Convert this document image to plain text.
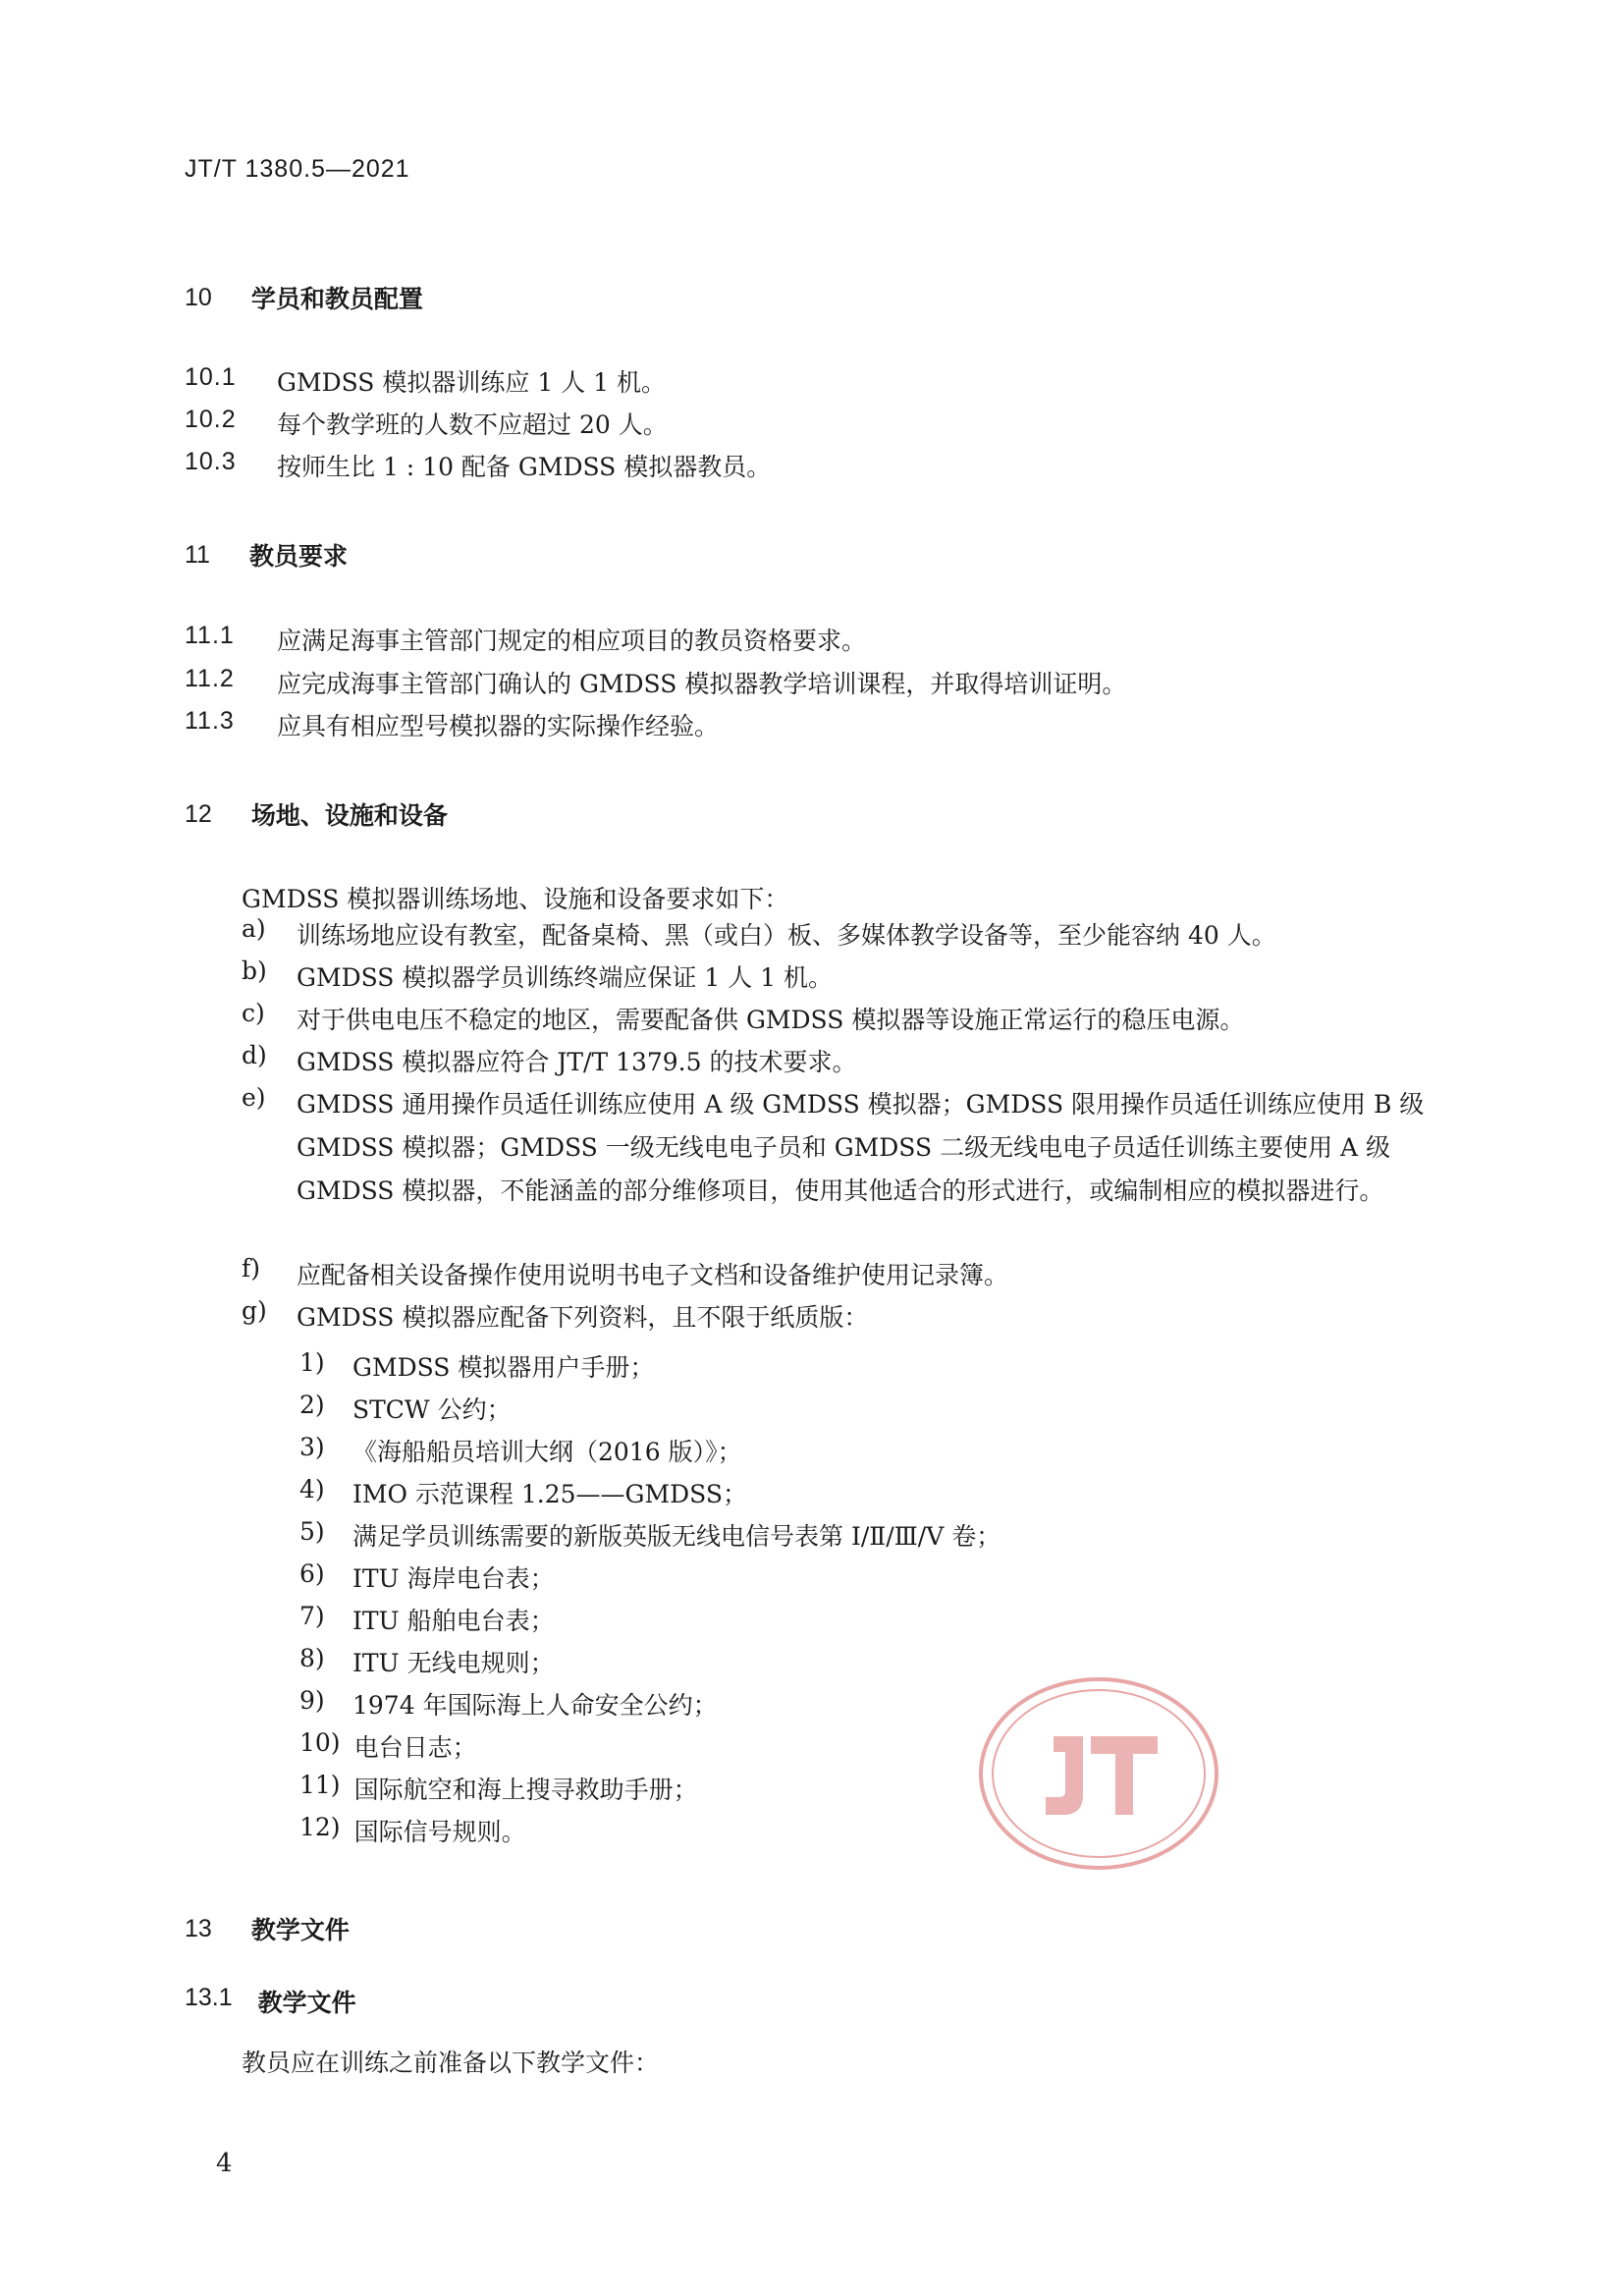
JT/T 1380.5—2021
10 学员和教员配置
10.1	GMDSS 模拟器训练应 1 人 1 机。
10.2	每个教学班的人数不应超过 20 人。
10.3	按师生比 1 : 10 配备 GMDSS 模拟器教员。
11 教员要求
11.1	应满足海事主管部门规定的相应项目的教员资格要求。
11.2	应完成海事主管部门确认的 GMDSS 模拟器教学培训课程，并取得培训证明。
11.3	应具有相应型号模拟器的实际操作经验。
12 场地、设施和设备
GMDSS 模拟器训练场地、设施和设备要求如下：
a)	训练场地应设有教室，配备桌椅、黑（或白）板、多媒体教学设备等，至少能容纳 40 人。
b)	GMDSS 模拟器学员训练终端应保证 1 人 1 机。
c)	对于供电电压不稳定的地区，需要配备供 GMDSS 模拟器等设施正常运行的稳压电源。
d)	GMDSS 模拟器应符合 JT/T 1379.5 的技术要求。
e)	GMDSS 通用操作员适任训练应使用 A 级 GMDSS 模拟器；GMDSS 限用操作员适任训练应使用 B 级 GMDSS 模拟器；GMDSS 一级无线电电子员和 GMDSS 二级无线电电子员适任训练主要使用 A 级 GMDSS 模拟器，不能涵盖的部分维修项目，使用其他适合的形式进行，或编制相应的模拟器进行。
f)	应配备相关设备操作使用说明书电子文档和设备维护使用记录簿。
g)	GMDSS 模拟器应配备下列资料，且不限于纸质版：
1)	GMDSS 模拟器用户手册；
2)	STCW 公约；
3)	《海船船员培训大纲（2016 版）》；
4)	IMO 示范课程 1.25——GMDSS；
5)	满足学员训练需要的新版英版无线电信号表第 Ⅰ/Ⅱ/Ⅲ/Ⅴ 卷；
6)	ITU 海岸电台表；
7)	ITU 船舶电台表；
8)	ITU 无线电规则；
9)	1974 年国际海上人命安全公约；
10) 电台日志；
11) 国际航空和海上搜寻救助手册；
12) 国际信号规则。
13 教学文件
13.1 教学文件
教员应在训练之前准备以下教学文件：
4
